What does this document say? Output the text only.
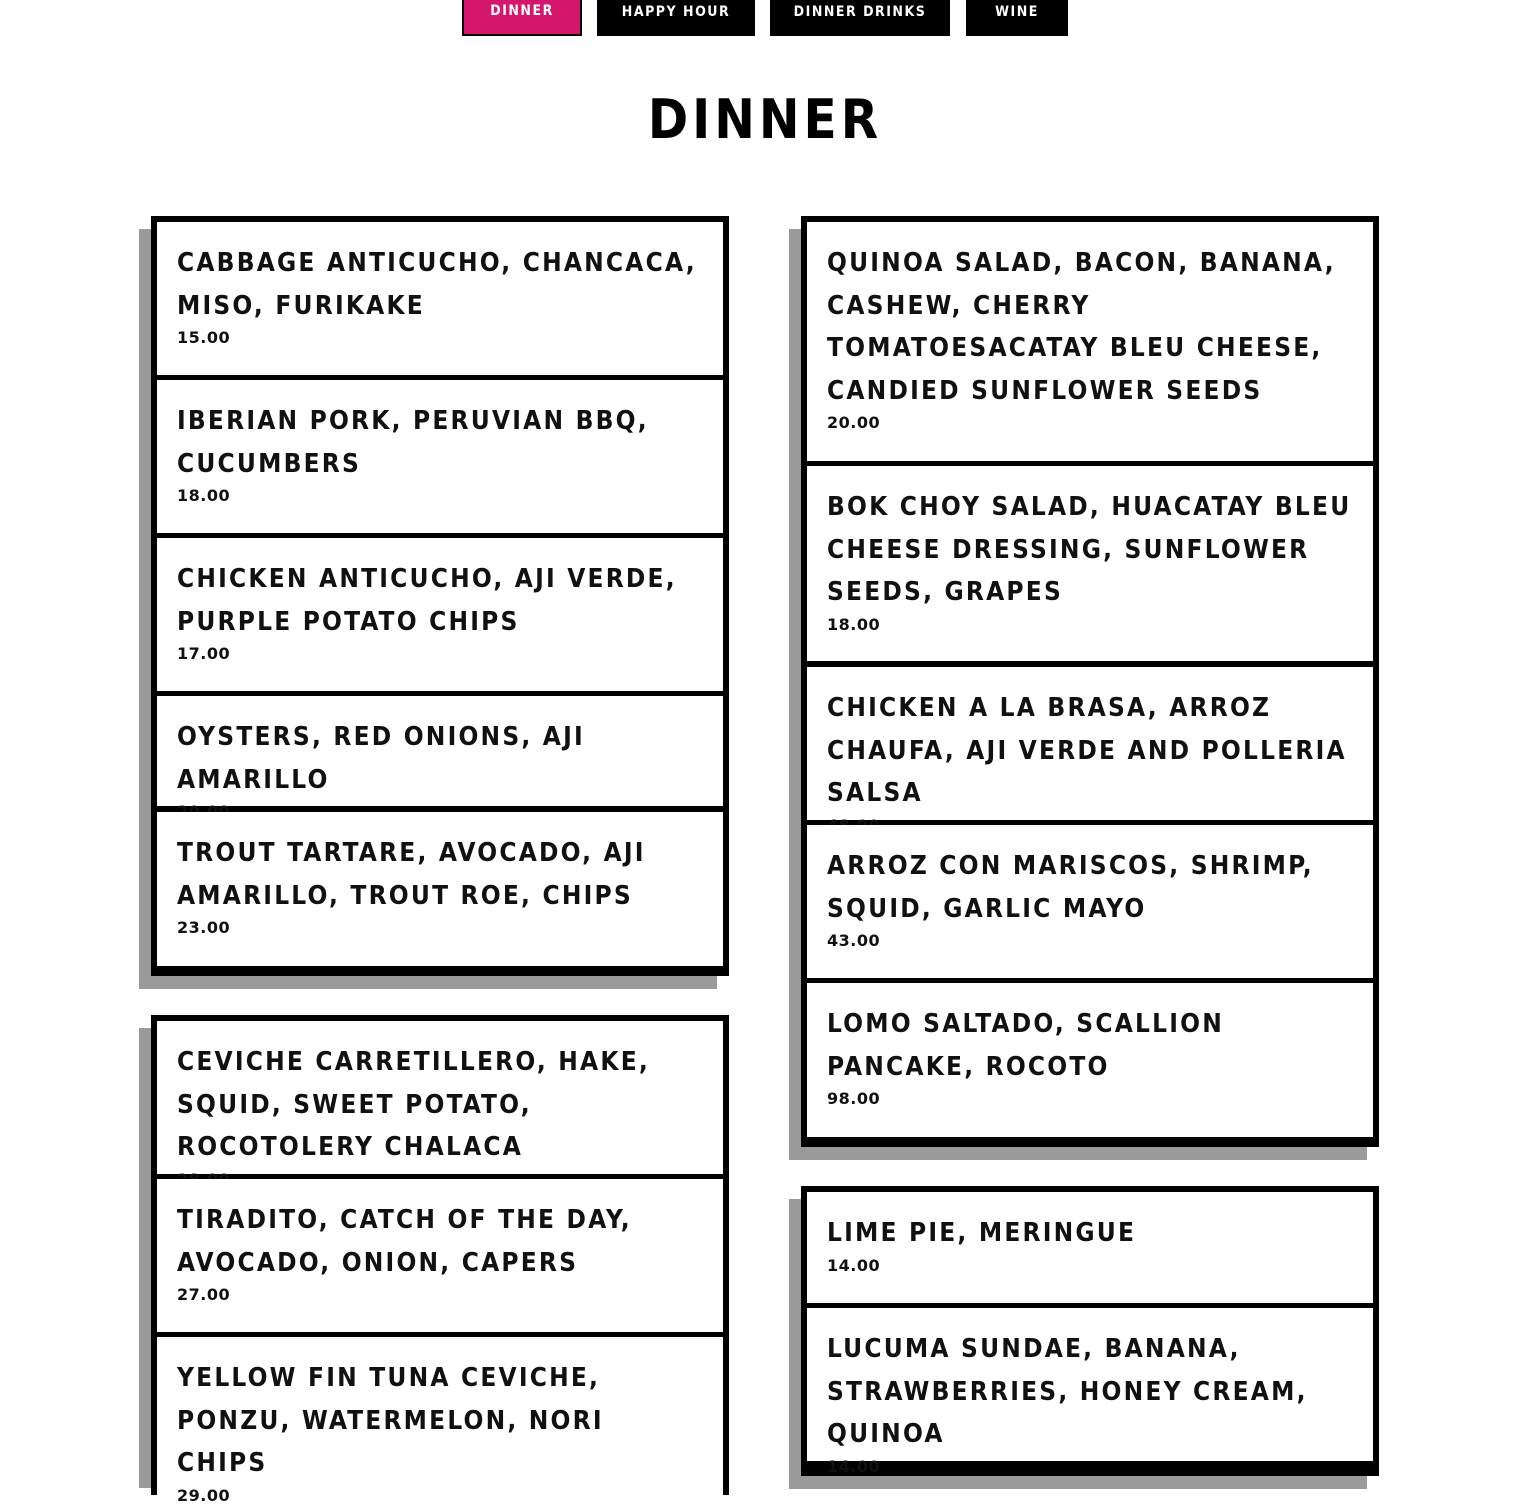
DINNER	HAPPY HOUR	DINNER DRINKS	WINE
DINNER
CABBAGE ANTICUCHO, CHANCACA, MISO, FURIKAKE
15.00
IBERIAN PORK, PERUVIAN BBQ, CUCUMBERS
18.00
CHICKEN ANTICUCHO, AJI VERDE, PURPLE POTATO CHIPS
17.00
OYSTERS, RED ONIONS, AJI AMARILLO
TROUT TARTARE, AVOCADO, AJI AMARILLO, TROUT ROE, CHIPS
23.00
CEVICHE CARRETILLERO, HAKE, SQUID, SWEET POTATO, ROCOTOLERY CHALACA
TIRADITO, CATCH OF THE DAY, AVOCADO, ONION, CAPERS
27.00
YELLOW FIN TUNA CEVICHE, PONZU, WATERMELON, NORI CHIPS
29.00
QUINOA SALAD, BACON, BANANA, CASHEW, CHERRY TOMATOESACATAY BLEU CHEESE, CANDIED SUNFLOWER SEEDS
20.00
BOK CHOY SALAD, HUACATAY BLEU CHEESE DRESSING, SUNFLOWER SEEDS, GRAPES
18.00
CHICKEN A LA BRASA, ARROZ CHAUFA, AJI VERDE AND POLLERIA SALSA
ARROZ CON MARISCOS, SHRIMP, SQUID, GARLIC MAYO
43.00
LOMO SALTADO, SCALLION PANCAKE, ROCOTO
98.00
LIME PIE, MERINGUE
14.00
LUCUMA SUNDAE, BANANA, STRAWBERRIES, HONEY CREAM, QUINOA
14.00
